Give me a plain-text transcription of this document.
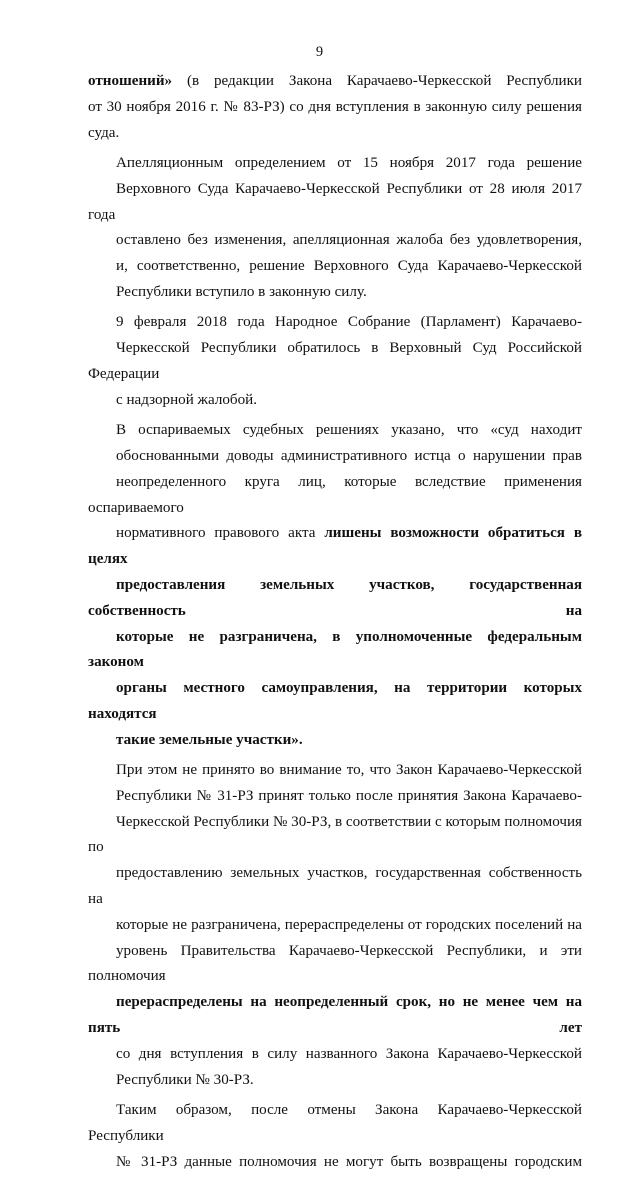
9

отношений» (в редакции Закона Карачаево-Черкесской Республики
от 30 ноября 2016 г. № 83-РЗ) со дня вступления в законную силу решения
суда.

Апелляционным определением от 15 ноября 2017 года решение
Верховного Суда Карачаево-Черкесской Республики от 28 июля 2017 года
оставлено без изменения, апелляционная жалоба без удовлетворения,
и, соответственно, решение Верховного Суда Карачаево-Черкесской
Республики вступило в законную силу.

9 февраля 2018 года Народное Собрание (Парламент) Карачаево-
Черкесской Республики обратилось в Верховный Суд Российской Федерации
с надзорной жалобой.

В оспариваемых судебных решениях указано, что «суд находит
обоснованными доводы административного истца о нарушении прав
неопределенного круга лиц, которые вследствие применения оспариваемого
нормативного правового акта лишены возможности обратиться в целях
предоставления земельных участков, государственная собственность на
которые не разграничена, в уполномоченные федеральным законом
органы местного самоуправления, на территории которых находятся
такие земельные участки».

При этом не принято во внимание то, что Закон Карачаево-Черкесской
Республики № 31-РЗ принят только после принятия Закона Карачаево-
Черкесской Республики № 30-РЗ, в соответствии с которым полномочия по
предоставлению земельных участков, государственная собственность на
которые не разграничена, перераспределены от городских поселений на
уровень Правительства Карачаево-Черкесской Республики, и эти полномочия
перераспределены на неопределенный срок, но не менее чем на пять лет
со дня вступления в силу названного Закона Карачаево-Черкесской
Республики № 30-РЗ.

Таким образом, после отмены Закона Карачаево-Черкесской Республики
№ 31-РЗ данные полномочия не могут быть возвращены городским
